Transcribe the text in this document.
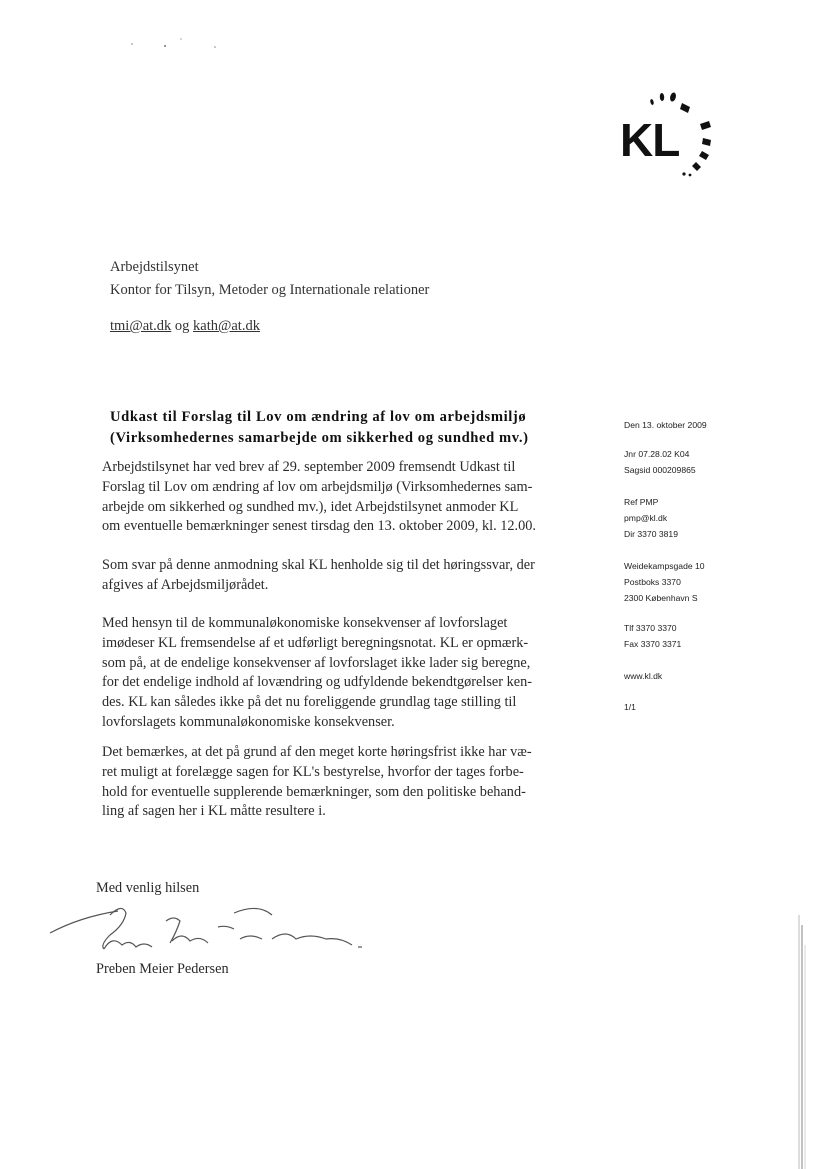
KL
Arbejdstilsynet
Kontor for Tilsyn, Metoder og Internationale relationer
tmi@at.dk og kath@at.dk
Udkast til Forslag til Lov om ændring af lov om arbejdsmiljø
(Virksomhedernes samarbejde om sikkerhed og sundhed mv.)
Arbejdstilsynet har ved brev af 29. september 2009 fremsendt Udkast til
Forslag til Lov om ændring af lov om arbejdsmiljø (Virksomhedernes sam-
arbejde om sikkerhed og sundhed mv.), idet Arbejdstilsynet anmoder KL
om eventuelle bemærkninger senest tirsdag den 13. oktober 2009, kl. 12.00.
Som svar på denne anmodning skal KL henholde sig til det høringssvar, der
afgives af Arbejdsmiljørådet.
Med hensyn til de kommunaløkonomiske konsekvenser af lovforslaget
imødeser KL fremsendelse af et udførligt beregningsnotat. KL er opmærk-
som på, at de endelige konsekvenser af lovforslaget ikke lader sig beregne,
for det endelige indhold af lovændring og udfyldende bekendtgørelser ken-
des. KL kan således ikke på det nu foreliggende grundlag tage stilling til
lovforslagets kommunaløkonomiske konsekvenser.
Det bemærkes, at det på grund af den meget korte høringsfrist ikke har væ-
ret muligt at forelægge sagen for KL's bestyrelse, hvorfor der tages forbe-
hold for eventuelle supplerende bemærkninger, som den politiske behand-
ling af sagen her i KL måtte resultere i.
Med venlig hilsen
Preben Meier Pedersen
Den 13. oktober 2009
Jnr 07.28.02 K04
Sagsid 000209865
Ref PMP
pmp@kl.dk
Dir 3370 3819
Weidekampsgade 10
Postboks 3370
2300 København S
Tlf 3370 3370
Fax 3370 3371
www.kl.dk
1/1
